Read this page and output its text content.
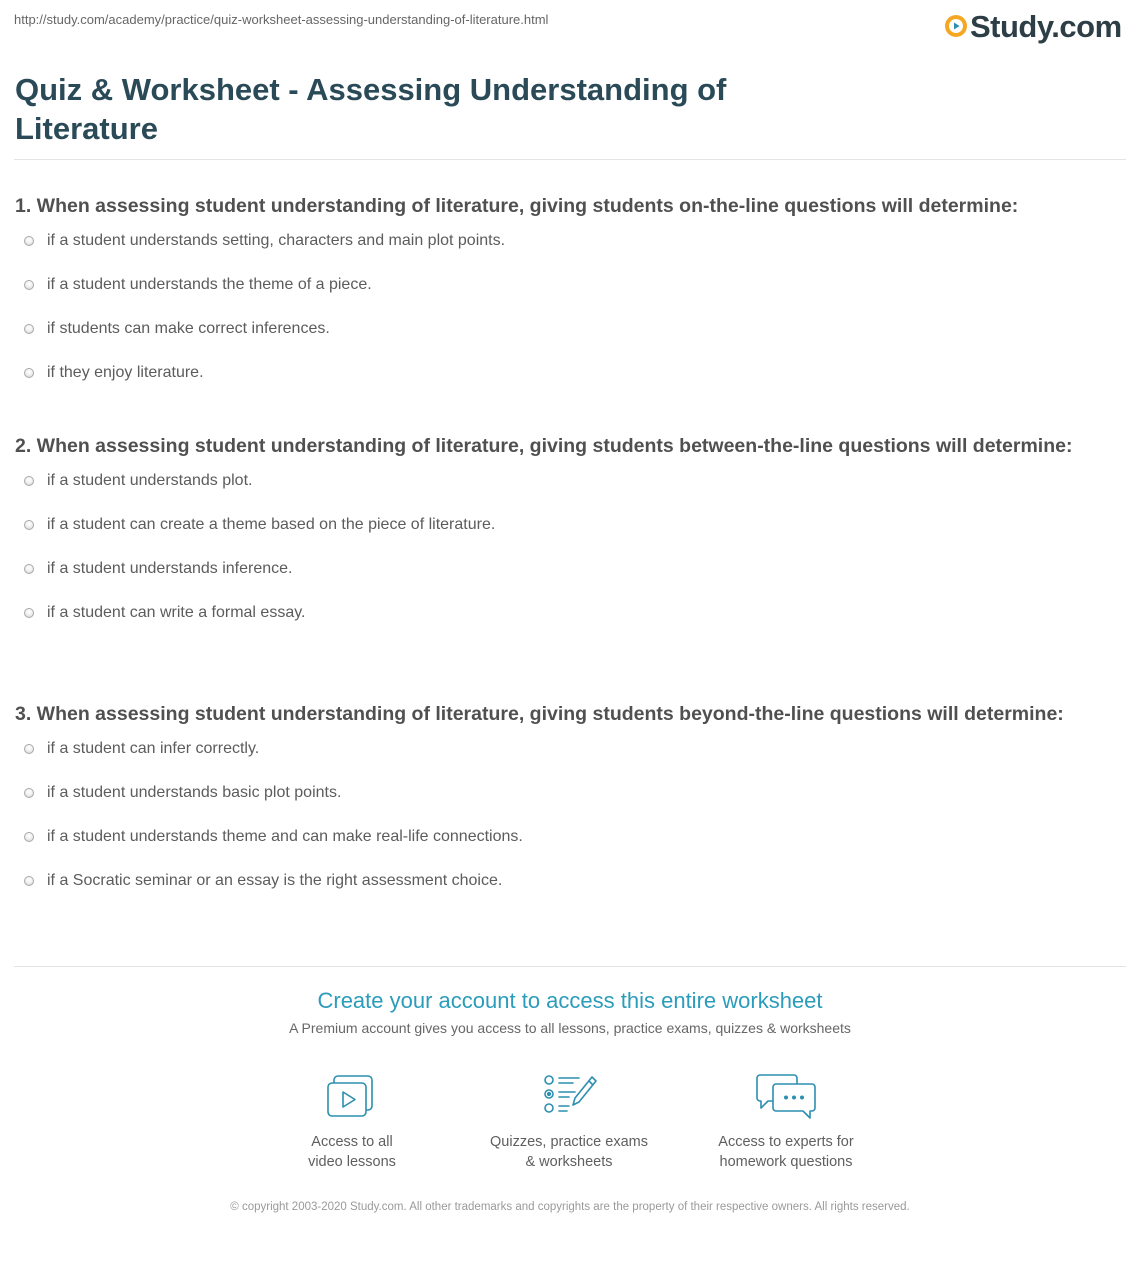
http://study.com/academy/practice/quiz-worksheet-assessing-understanding-of-literature.html	Study.com
Quiz & Worksheet - Assessing Understanding of Literature

1. When assessing student understanding of literature, giving students on-the-line questions will determine:

if a student understands setting, characters and main plot points.
if a student understands the theme of a piece.
if students can make correct inferences.
if they enjoy literature.

2. When assessing student understanding of literature, giving students between-the-line questions will determine:

if a student understands plot.
if a student can create a theme based on the piece of literature.
if a student understands inference.
if a student can write a formal essay.

3. When assessing student understanding of literature, giving students beyond-the-line questions will determine:

if a student can infer correctly.
if a student understands basic plot points.
if a student understands theme and can make real-life connections.
if a Socratic seminar or an essay is the right assessment choice.
Create your account to access this entire worksheet
A Premium account gives you access to all lessons, practice exams, quizzes & worksheets
Access to all
video lessons
Quizzes, practice exams
& worksheets
Access to experts for
homework questions
© copyright 2003-2020 Study.com. All other trademarks and copyrights are the property of their respective owners. All rights reserved.
